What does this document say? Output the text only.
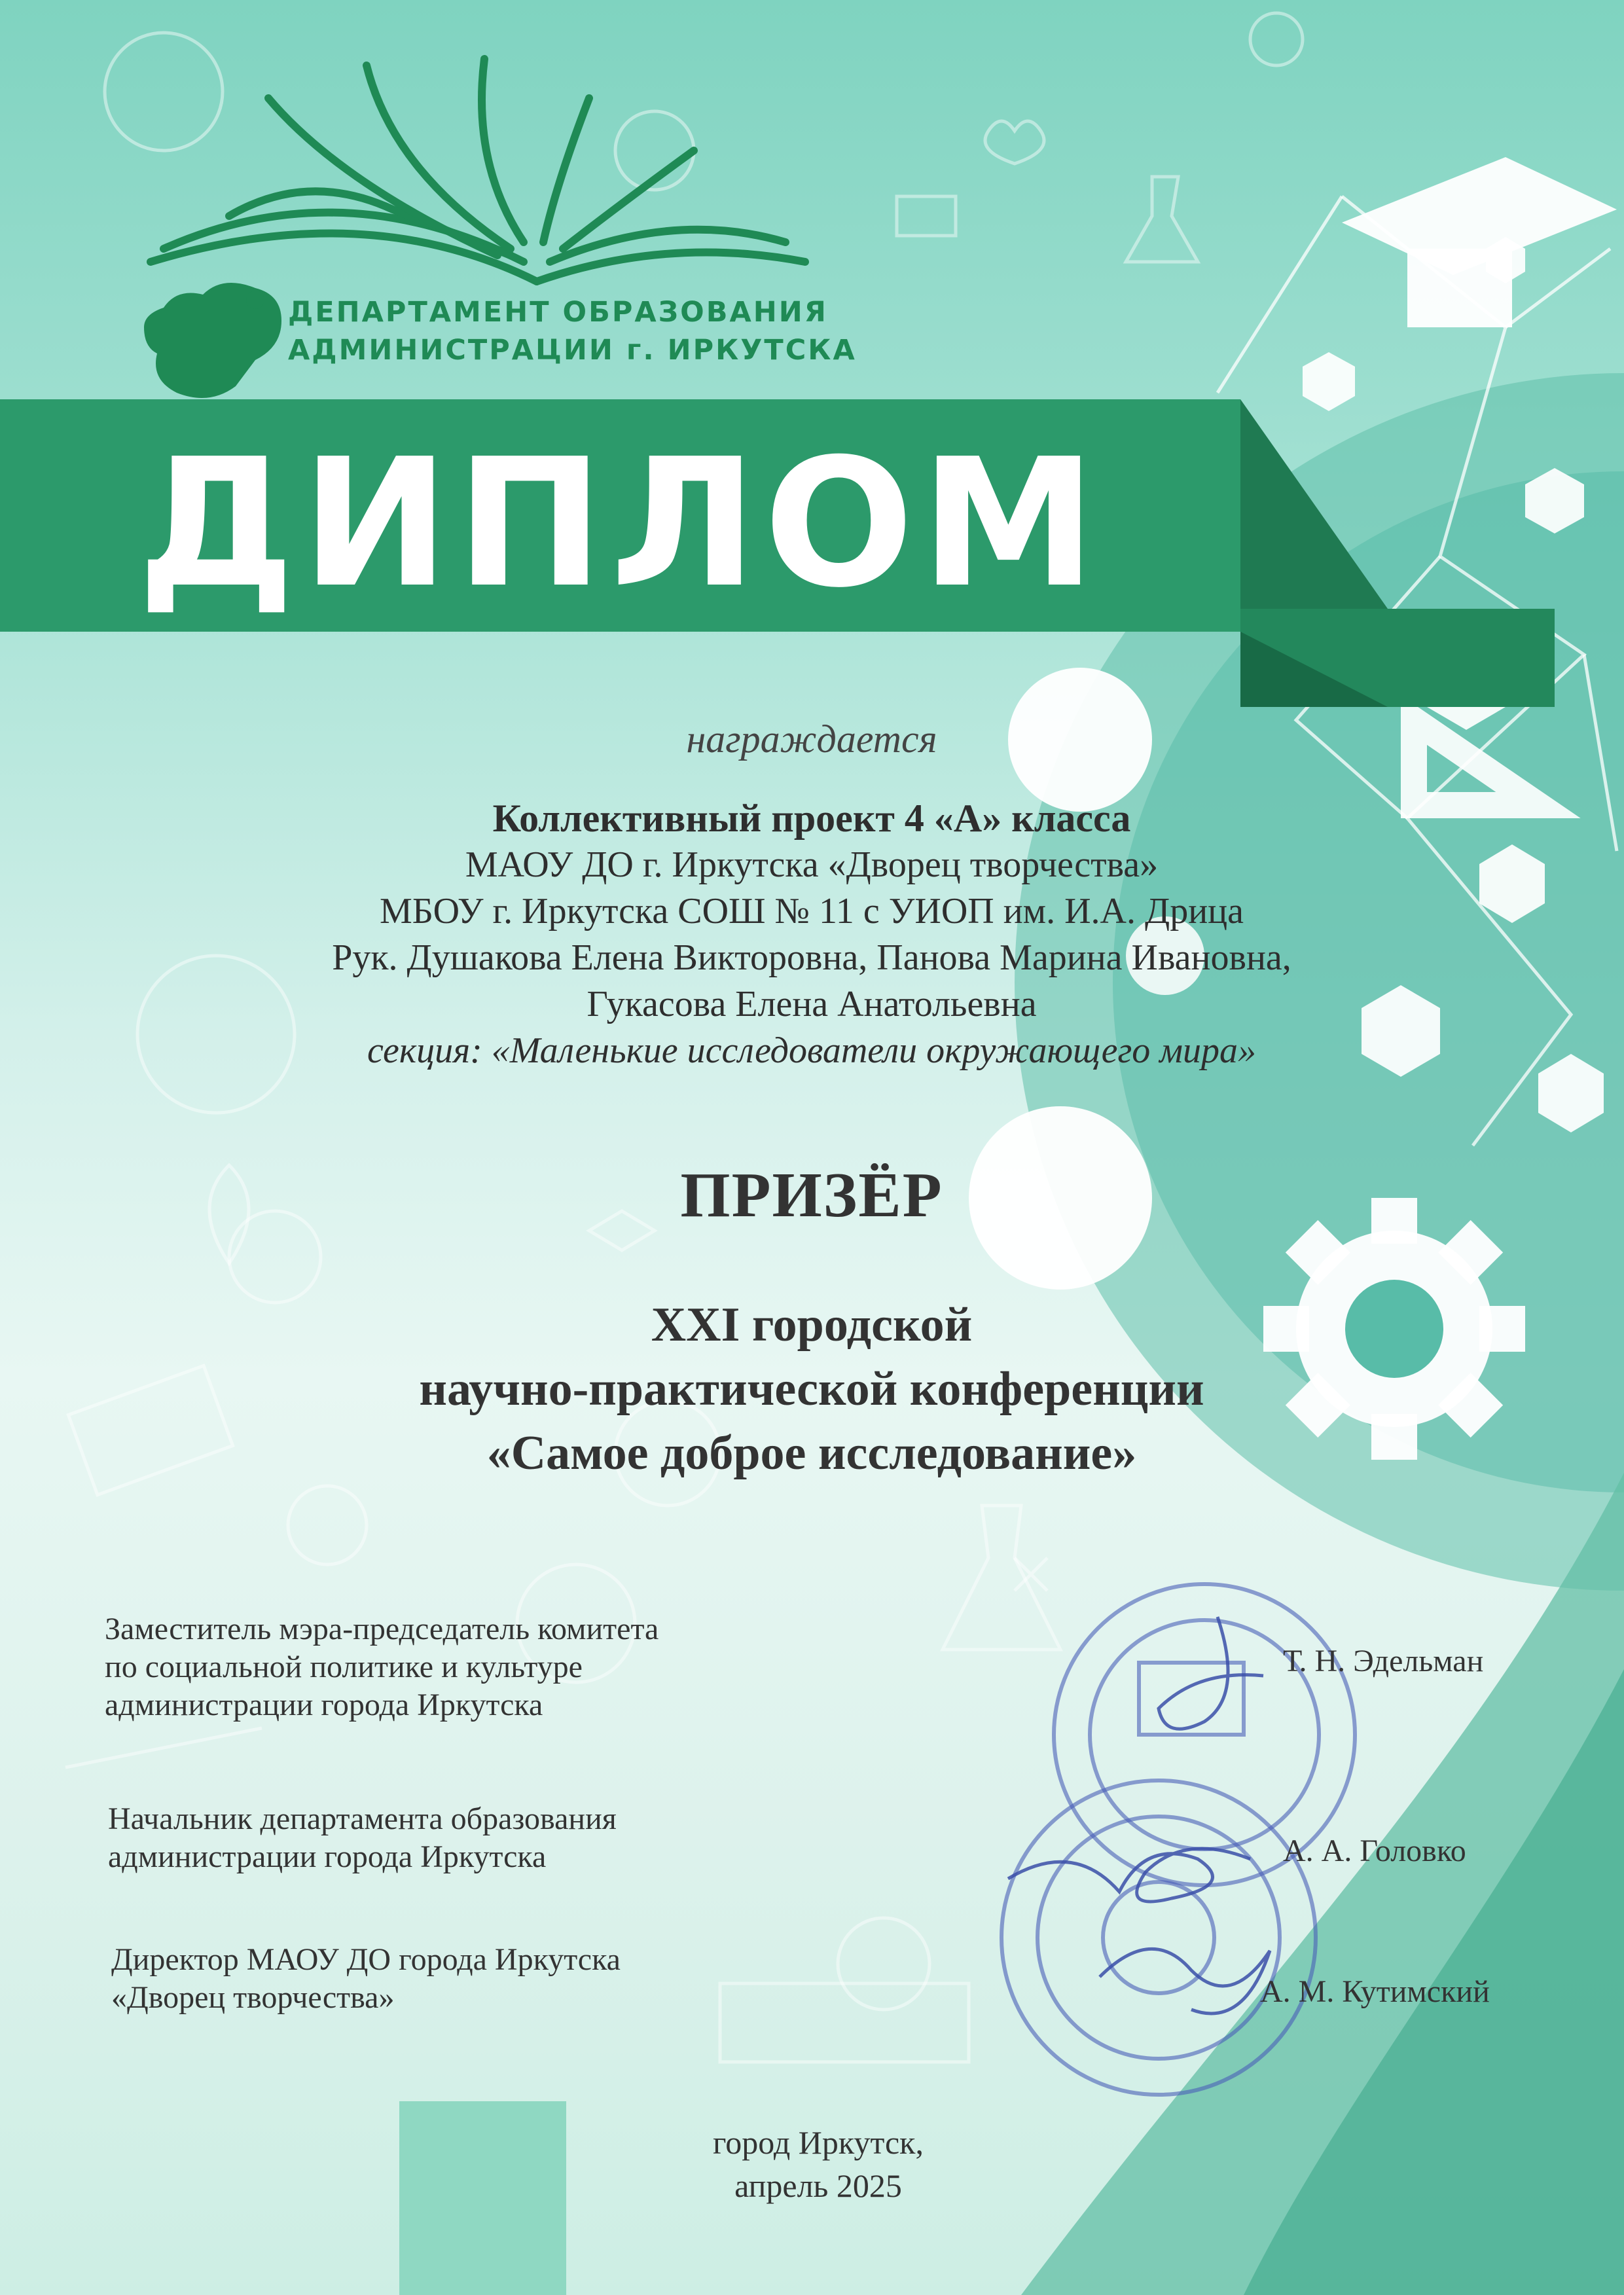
ДЕПАРТАМЕНТ ОБРАЗОВАНИЯ
АДМИНИСТРАЦИИ г. ИРКУТСКА
ДИПЛОМ
награждается
Коллективный проект 4 «А» класса
МАОУ ДО г. Иркутска «Дворец творчества»
МБОУ г. Иркутска СОШ № 11 с УИОП им. И.А. Дрица
Рук. Душакова Елена Викторовна, Панова Марина Ивановна,
Гукасова Елена Анатольевна
секция: «Маленькие исследователи окружающего мира»
ПРИЗЁР
XXI городской
научно-практической конференции
«Самое доброе исследование»
Заместитель мэра-председатель комитета
по социальной политике и культуре
администрации города Иркутска
Т. Н. Эдельман
Начальник департамента образования
администрации города Иркутска	А. А. Головко
Директор МАОУ ДО города Иркутска
«Дворец творчества»	А. М. Кутимский
город Иркутск,
апрель 2025
